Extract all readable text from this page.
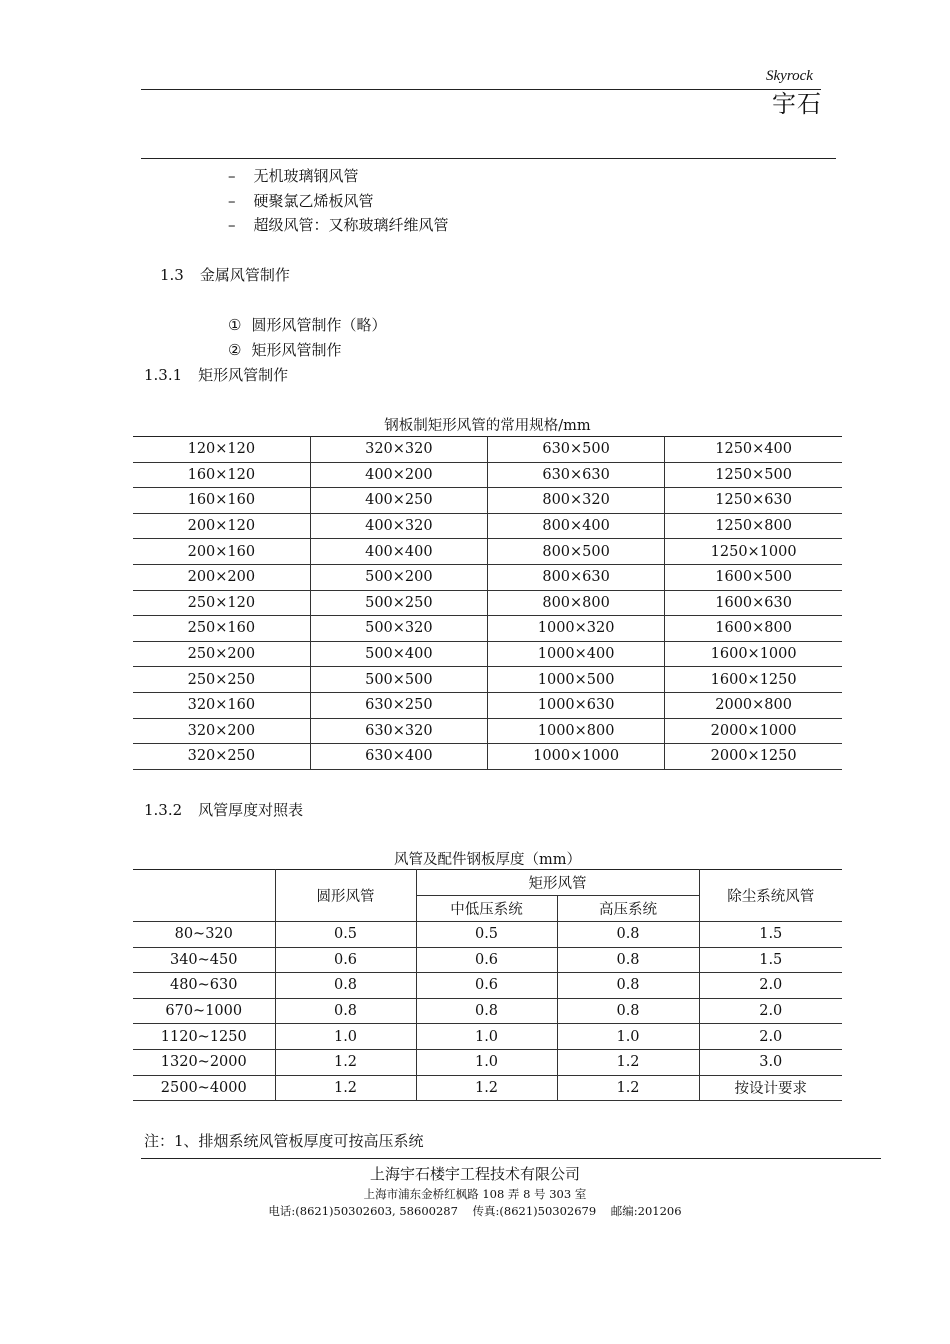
Skyrock
宇石
– 无机玻璃钢风管
– 硬聚氯乙烯板风管
– 超级风管：又称玻璃纤维风管
1.3 金属风管制作
① 圆形风管制作（略）
② 矩形风管制作
1.3.1 矩形风管制作
钢板制矩形风管的常用规格/mm
120×120	320×320	630×500	1250×400
160×120	400×200	630×630	1250×500
160×160	400×250	800×320	1250×630
200×120	400×320	800×400	1250×800
200×160	400×400	800×500	1250×1000
200×200	500×200	800×630	1600×500
250×120	500×250	800×800	1600×630
250×160	500×320	1000×320	1600×800
250×200	500×400	1000×400	1600×1000
250×250	500×500	1000×500	1600×1250
320×160	630×250	1000×630	2000×800
320×200	630×320	1000×800	2000×1000
320×250	630×400	1000×1000	2000×1250
1.3.2 风管厚度对照表
风管及配件钢板厚度（mm）
	圆形风管	矩形风管		除尘系统风管
		中低压系统	高压系统	
80~320	0.5	0.5	0.8	1.5
340~450	0.6	0.6	0.8	1.5
480~630	0.8	0.6	0.8	2.0
670~1000	0.8	0.8	0.8	2.0
1120~1250	1.0	1.0	1.0	2.0
1320~2000	1.2	1.0	1.2	3.0
2500~4000	1.2	1.2	1.2	按设计要求
注：1、排烟系统风管板厚度可按高压系统
上海宇石楼宇工程技术有限公司
上海市浦东金桥红枫路 108 弄 8 号 303 室
电话:(8621)50302603, 58600287    传真:(8621)50302679    邮编:201206
